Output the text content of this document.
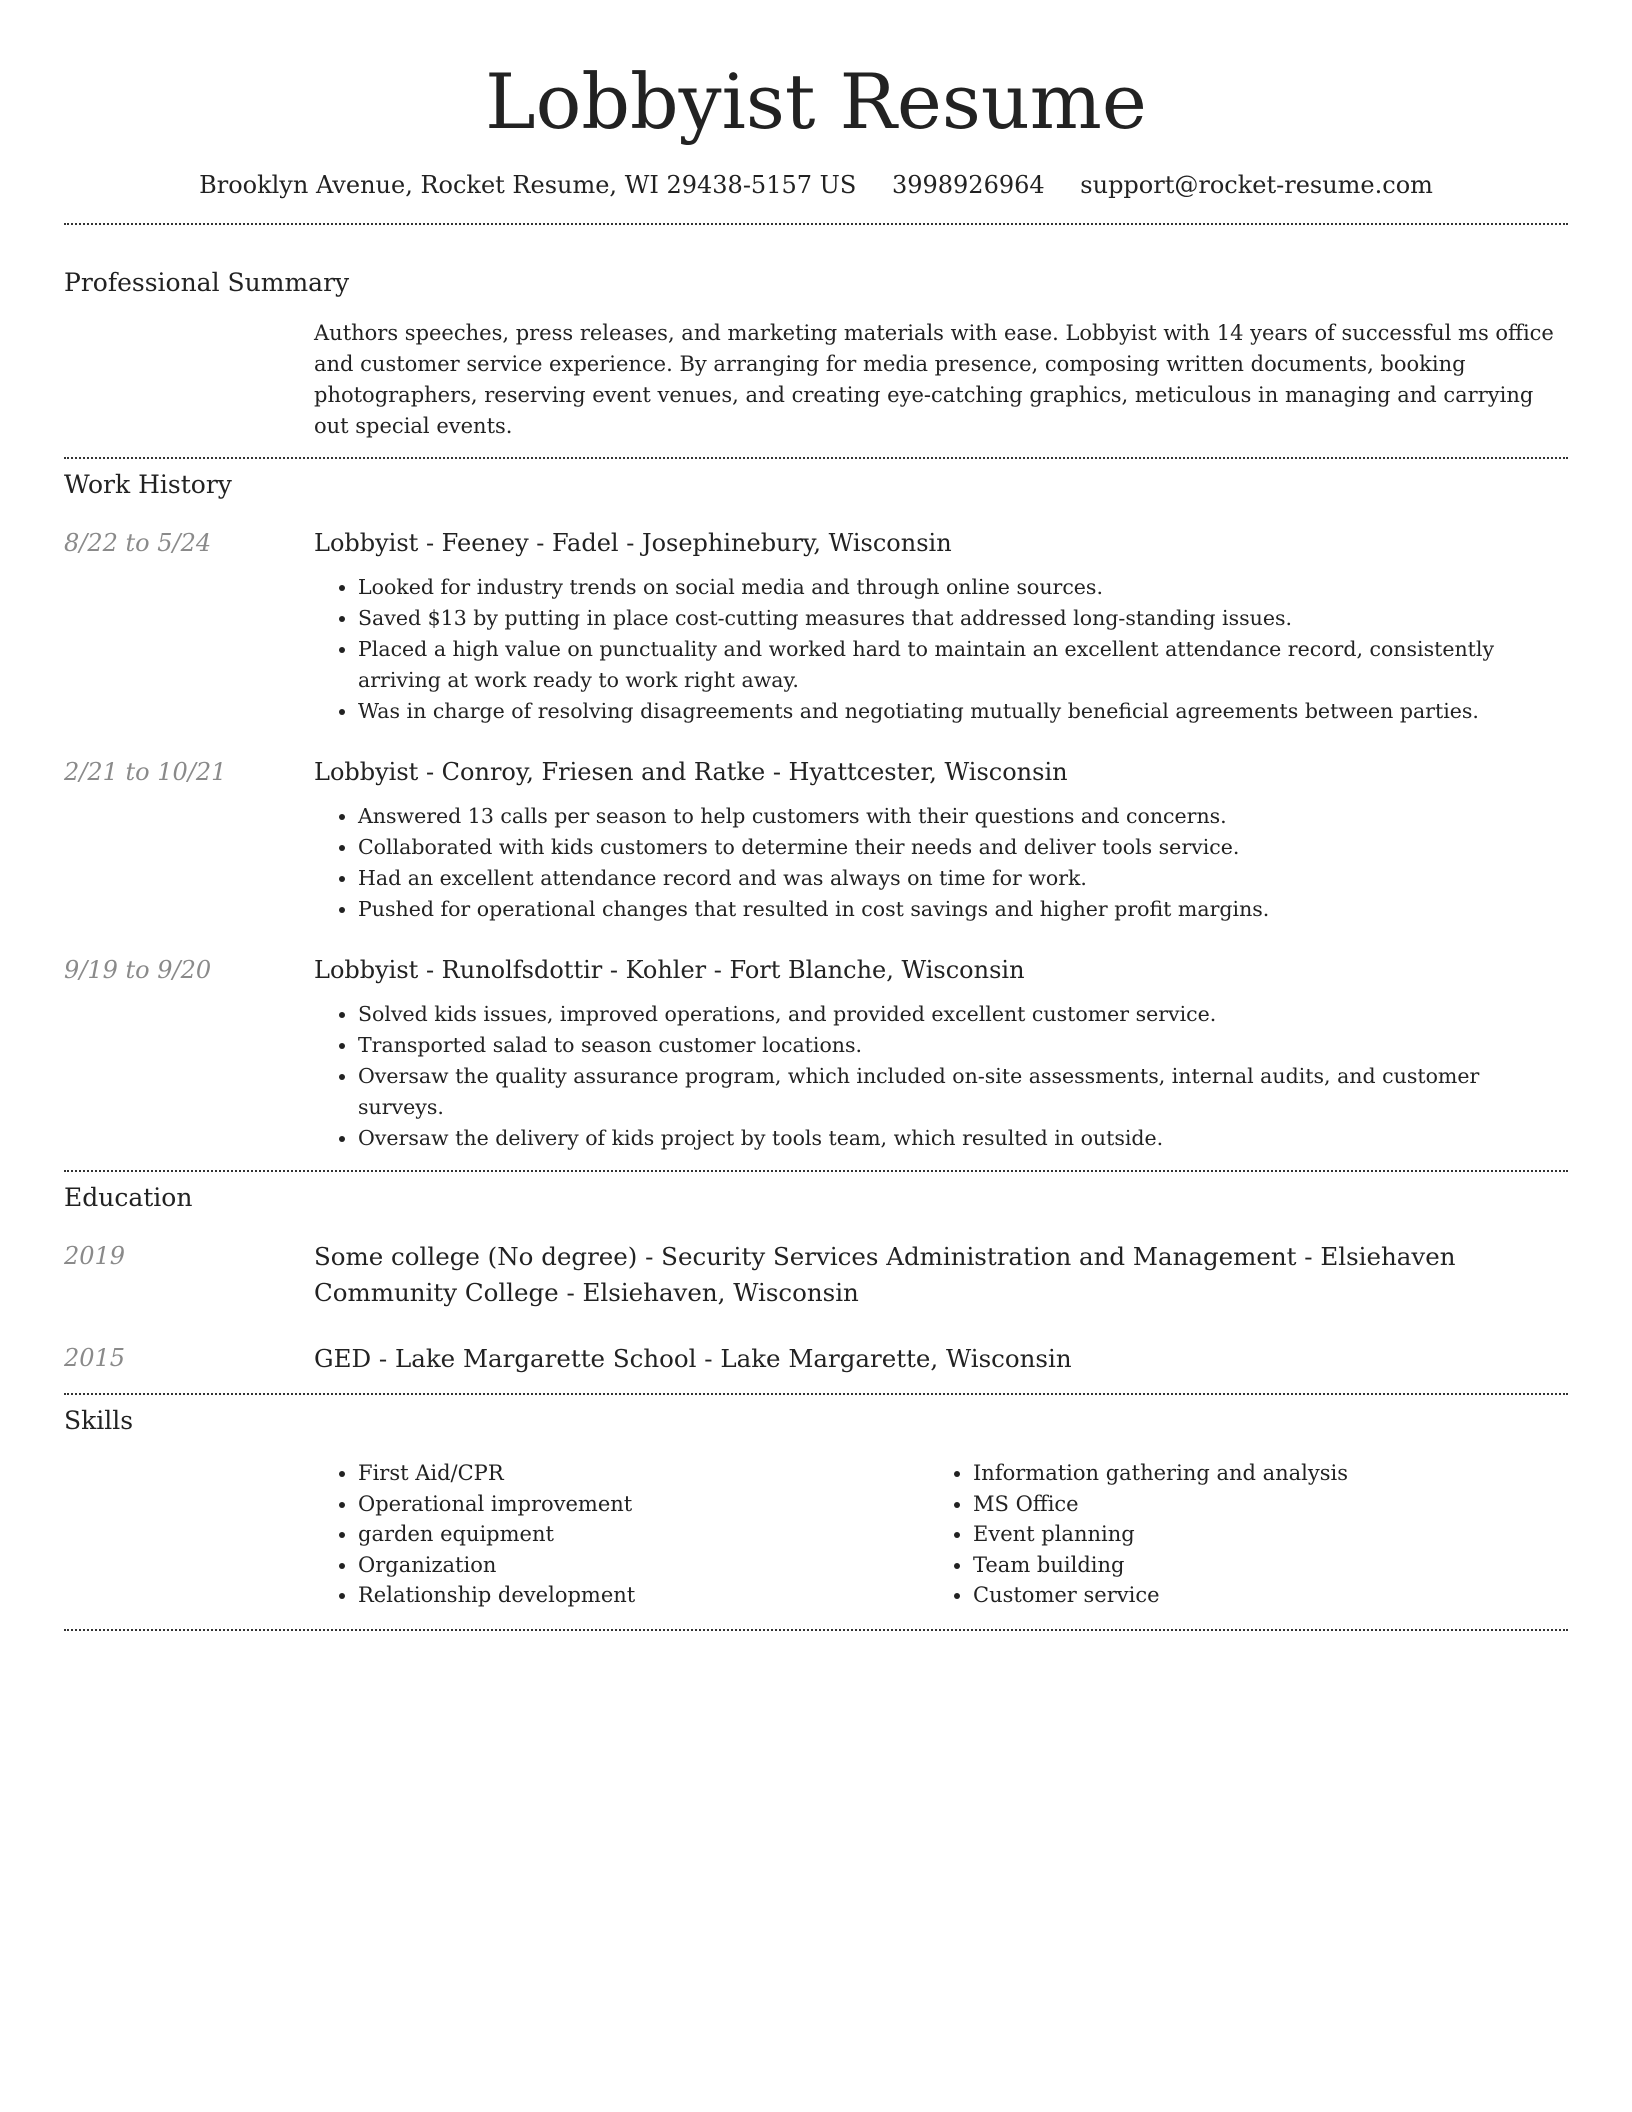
Lobbyist Resume
Brooklyn Avenue, Rocket Resume, WI 29438-5157 US 3998926964 support@rocket-resume.com
Professional Summary

Authors speeches, press releases, and marketing materials with ease. Lobbyist with 14 years of successful ms office and customer service experience. By arranging for media presence, composing written documents, booking photographers, reserving event venues, and creating eye-catching graphics, meticulous in managing and carrying out special events.

Work History
8/22 to 5/24	Lobbyist - Feeney - Fadel - Josephinebury, Wisconsin

• Looked for industry trends on social media and through online sources.
• Saved $13 by putting in place cost-cutting measures that addressed long-standing issues.
• Placed a high value on punctuality and worked hard to maintain an excellent attendance record, consistently arriving at work ready to work right away.
• Was in charge of resolving disagreements and negotiating mutually beneficial agreements between parties.
2/21 to 10/21	Lobbyist - Conroy, Friesen and Ratke - Hyattcester, Wisconsin

• Answered 13 calls per season to help customers with their questions and concerns.
• Collaborated with kids customers to determine their needs and deliver tools service.
• Had an excellent attendance record and was always on time for work.
• Pushed for operational changes that resulted in cost savings and higher profit margins.
9/19 to 9/20	Lobbyist - Runolfsdottir - Kohler - Fort Blanche, Wisconsin

• Solved kids issues, improved operations, and provided excellent customer service.
• Transported salad to season customer locations.
• Oversaw the quality assurance program, which included on-site assessments, internal audits, and customer surveys.
• Oversaw the delivery of kids project by tools team, which resulted in outside.
Education
2019	Some college (No degree) - Security Services Administration and Management - Elsiehaven Community College - Elsiehaven, Wisconsin

2015	GED - Lake Margarette School - Lake Margarette, Wisconsin

Skills
• First Aid/CPR
• Operational improvement
• garden equipment
• Organization
• Relationship development
• Information gathering and analysis
• MS Office
• Event planning
• Team building
• Customer service
